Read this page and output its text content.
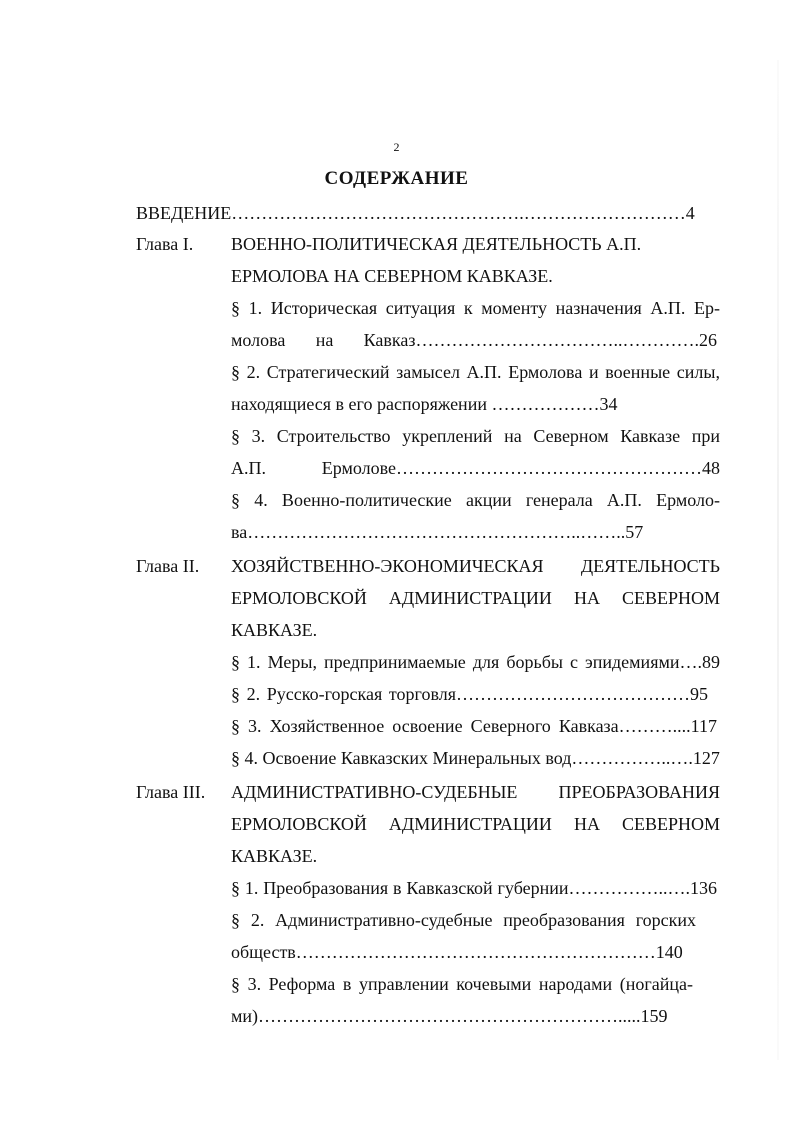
2
СОДЕРЖАНИЕ
ВВЕДЕНИЕ………………………………………….………………………4
Глава I. ВОЕННО-ПОЛИТИЧЕСКАЯ ДЕЯТЕЛЬНОСТЬ А.П.
ЕРМОЛОВА НА СЕВЕРНОМ КАВКАЗЕ.
§ 1. Историческая ситуация к моменту назначения А.П. Ер-
молова на Кавказ……………………………..………….26
§ 2. Стратегический замысел А.П. Ермолова и военные силы,
находящиеся в его распоряжении ………………34
§ 3. Строительство укреплений на Северном Кавказе при
А.П. Ермолове……………………………………………48
§ 4. Военно-политические акции генерала А.П. Ермоло-
ва………………………………………………..……..57
Глава II. ХОЗЯЙСТВЕННО-ЭКОНОМИЧЕСКАЯ ДЕЯТЕЛЬНОСТЬ
ЕРМОЛОВСКОЙ АДМИНИСТРАЦИИ НА СЕВЕРНОМ
КАВКАЗЕ.
§ 1. Меры, предпринимаемые для борьбы с эпидемиями….89
§ 2. Русско-горская торговля…………………………………95
§ 3. Хозяйственное освоение Северного Кавказа………....117
§ 4. Освоение Кавказских Минеральных вод……………..….127
Глава III. АДМИНИСТРАТИВНО-СУДЕБНЫЕ ПРЕОБРАЗОВАНИЯ
ЕРМОЛОВСКОЙ АДМИНИСТРАЦИИ НА СЕВЕРНОМ
КАВКАЗЕ.
§ 1. Преобразования в Кавказской губернии……………..….136
§ 2. Административно-судебные преобразования горских
обществ……………………………………………………140
§ 3. Реформа в управлении кочевыми народами (ногайца-
ми)…………………………………………………….....159
